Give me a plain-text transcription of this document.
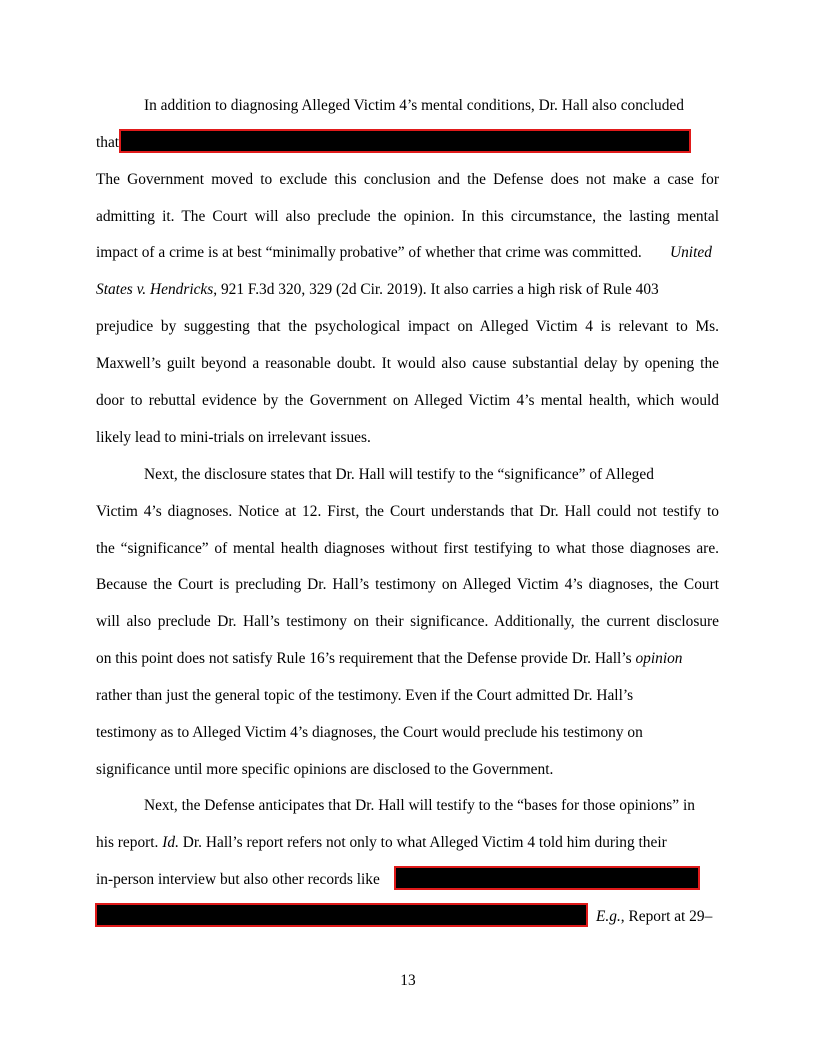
In addition to diagnosing Alleged Victim 4’s mental conditions, Dr. Hall also concluded
that
The Government moved to exclude this conclusion and the Defense does not make a case for
admitting it. The Court will also preclude the opinion. In this circumstance, the lasting mental
impact of a crime is at best “minimally probative” of whether that crime was committed. United
States v. Hendricks, 921 F.3d 320, 329 (2d Cir. 2019). It also carries a high risk of Rule 403
prejudice by suggesting that the psychological impact on Alleged Victim 4 is relevant to Ms.
Maxwell’s guilt beyond a reasonable doubt. It would also cause substantial delay by opening the
door to rebuttal evidence by the Government on Alleged Victim 4’s mental health, which would
likely lead to mini-trials on irrelevant issues.
Next, the disclosure states that Dr. Hall will testify to the “significance” of Alleged
Victim 4’s diagnoses. Notice at 12. First, the Court understands that Dr. Hall could not testify to
the “significance” of mental health diagnoses without first testifying to what those diagnoses are.
Because the Court is precluding Dr. Hall’s testimony on Alleged Victim 4’s diagnoses, the Court
will also preclude Dr. Hall’s testimony on their significance. Additionally, the current disclosure
on this point does not satisfy Rule 16’s requirement that the Defense provide Dr. Hall’s opinion
rather than just the general topic of the testimony. Even if the Court admitted Dr. Hall’s
testimony as to Alleged Victim 4’s diagnoses, the Court would preclude his testimony on
significance until more specific opinions are disclosed to the Government.
Next, the Defense anticipates that Dr. Hall will testify to the “bases for those opinions” in
his report. Id. Dr. Hall’s report refers not only to what Alleged Victim 4 told him during their
in-person interview but also other records like
E.g., Report at 29–
13
